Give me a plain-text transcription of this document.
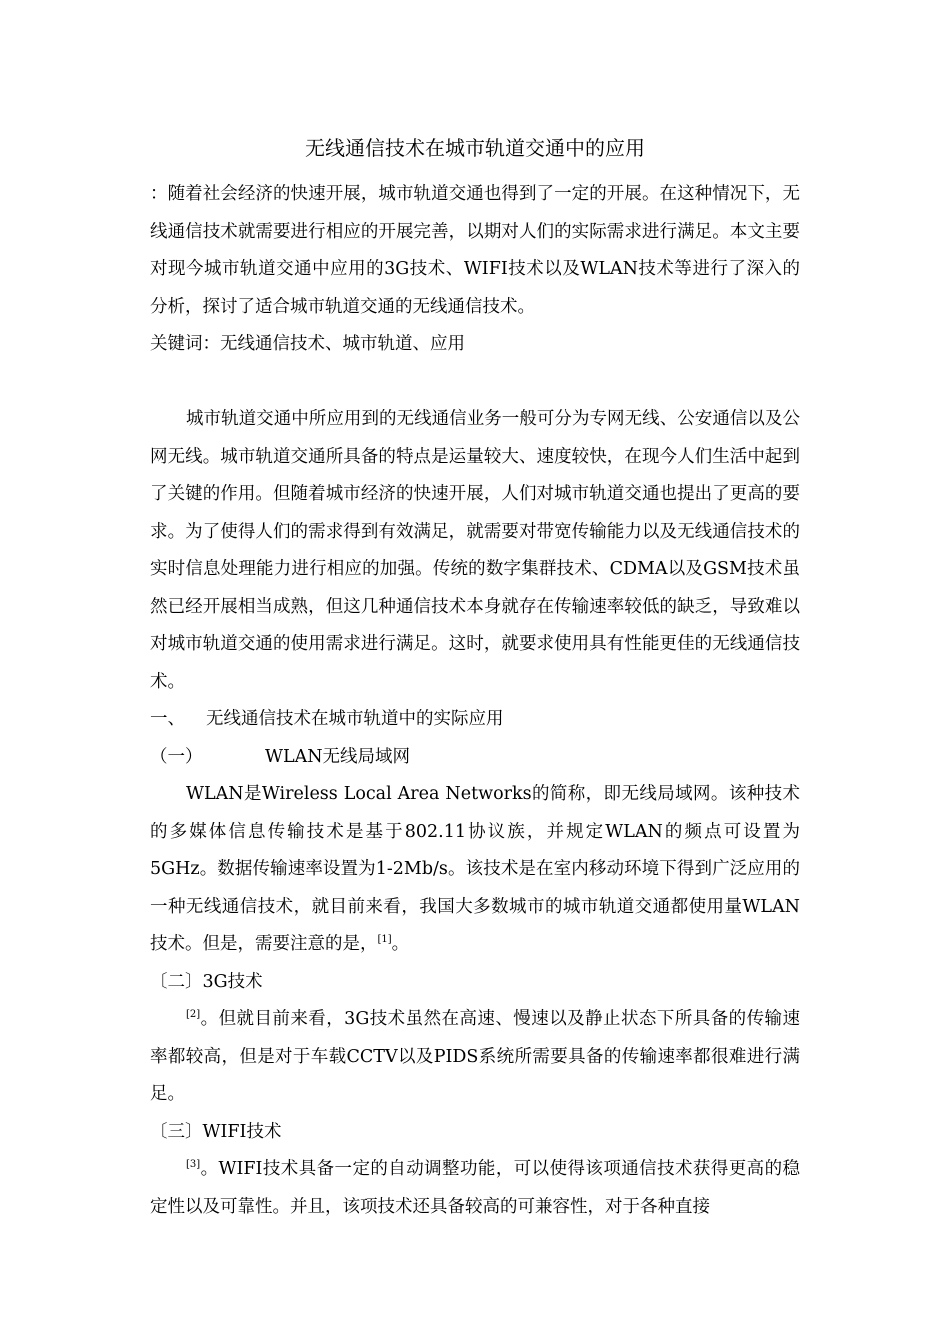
无线通信技术在城市轨道交通中的应用

：随着社会经济的快速开展，城市轨道交通也得到了一定的开展。在这种情况下，无线通信技术就需要进行相应的开展完善，以期对人们的实际需求进行满足。本文主要对现今城市轨道交通中应用的3G技术、WIFI技术以及WLAN技术等进行了深入的分析，探讨了适合城市轨道交通的无线通信技术。

关键词：无线通信技术、城市轨道、应用

城市轨道交通中所应用到的无线通信业务一般可分为专网无线、公安通信以及公网无线。城市轨道交通所具备的特点是运量较大、速度较快，在现今人们生活中起到了关键的作用。但随着城市经济的快速开展，人们对城市轨道交通也提出了更高的要求。为了使得人们的需求得到有效满足，就需要对带宽传输能力以及无线通信技术的实时信息处理能力进行相应的加强。传统的数字集群技术、CDMA以及GSM技术虽然已经开展相当成熟，但这几种通信技术本身就存在传输速率较低的缺乏，导致难以对城市轨道交通的使用需求进行满足。这时，就要求使用具有性能更佳的无线通信技术。

一、 无线通信技术在城市轨道中的实际应用

（一）	WLAN无线局域网

WLAN是Wireless Local Area Networks的简称，即无线局域网。该种技术的多媒体信息传输技术是基于802.11协议族，并规定WLAN的频点可设置为5GHz。数据传输速率设置为1-2Mb/s。该技术是在室内移动环境下得到广泛应用的一种无线通信技术，就目前来看，我国大多数城市的城市轨道交通都使用量WLAN技术。但是，需要注意的是，[1]。

〔二〕3G技术

[2]。但就目前来看，3G技术虽然在高速、慢速以及静止状态下所具备的传输速率都较高，但是对于车载CCTV以及PIDS系统所需要具备的传输速率都很难进行满足。

〔三〕WIFI技术

[3]。WIFI技术具备一定的自动调整功能，可以使得该项通信技术获得更高的稳定性以及可靠性。并且，该项技术还具备较高的可兼容性，对于各种直接
